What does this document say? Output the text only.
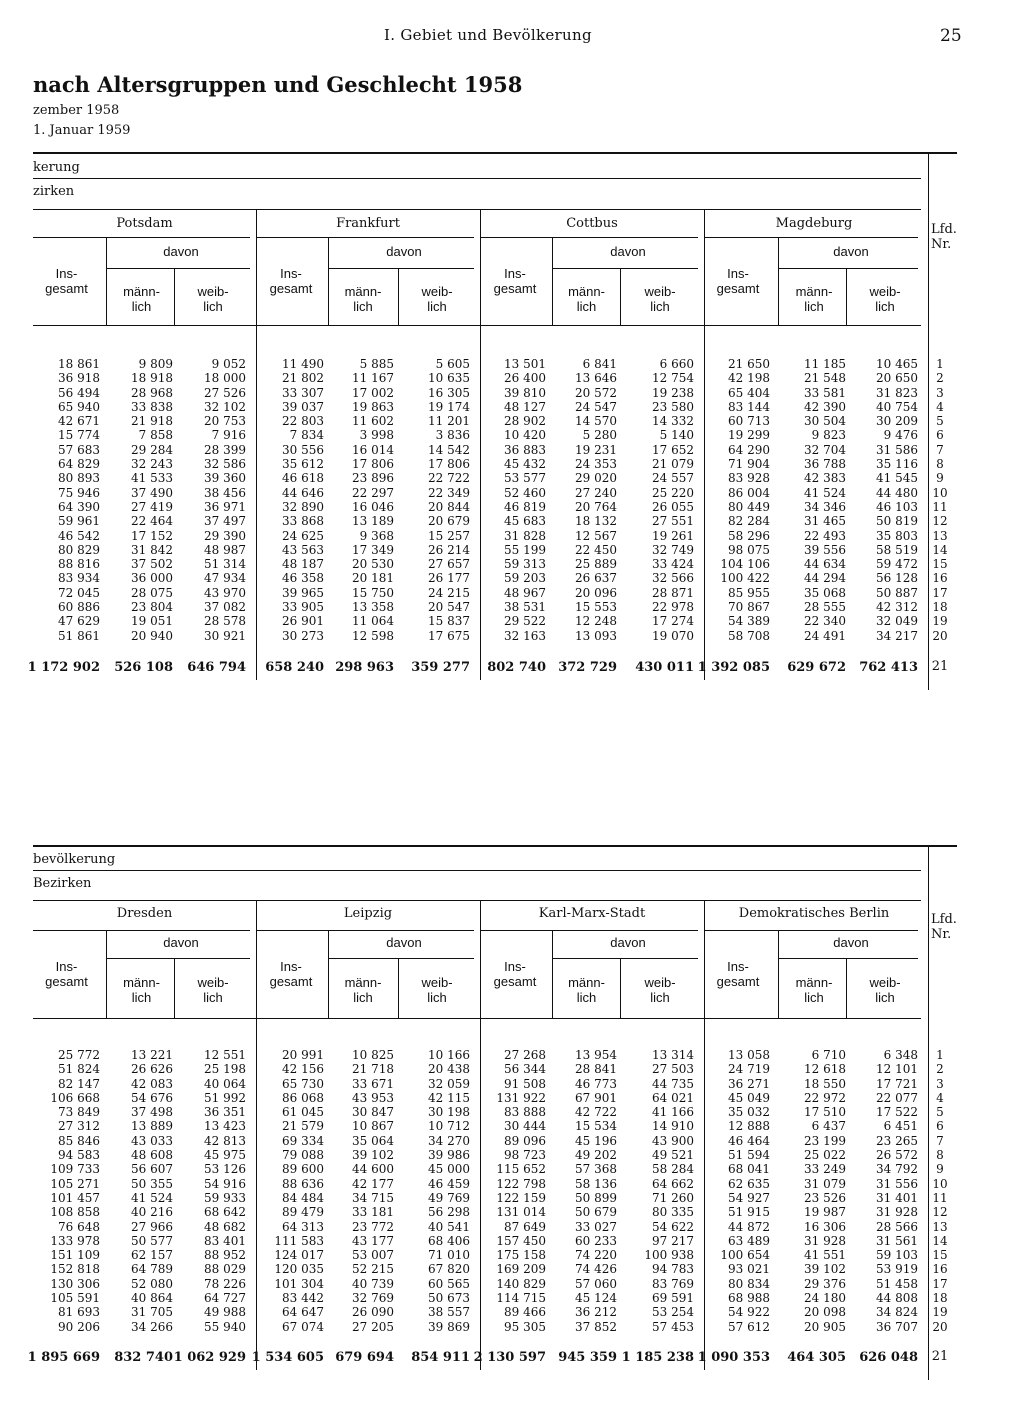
I. Gebiet und Bevölkerung	25
nach Altersgruppen und Geschlecht 1958
zember 1958
1. Januar 1959
kerung
zirken
Lfd.
Nr.
Potsdam
davon
Ins-
gesamt
18 861
36 918
56 494
65 940
42 671
15 774
57 683
64 829
80 893
75 946
64 390
59 961
46 542
80 829
88 816
83 934
72 045
60 886
47 629
51 861
1 172 902
männ-
lich
9 809
18 918
28 968
33 838
21 918
7 858
29 284
32 243
41 533
37 490
27 419
22 464
17 152
31 842
37 502
36 000
28 075
23 804
19 051
20 940
526 108
weib-
lich
9 052
18 000
27 526
32 102
20 753
7 916
28 399
32 586
39 360
38 456
36 971
37 497
29 390
48 987
51 314
47 934
43 970
37 082
28 578
30 921
646 794
Frankfurt
davon
Ins-
gesamt
11 490
21 802
33 307
39 037
22 803
7 834
30 556
35 612
46 618
44 646
32 890
33 868
24 625
43 563
48 187
46 358
39 965
33 905
26 901
30 273
658 240
männ-
lich
5 885
11 167
17 002
19 863
11 602
3 998
16 014
17 806
23 896
22 297
16 046
13 189
9 368
17 349
20 530
20 181
15 750
13 358
11 064
12 598
298 963
weib-
lich
5 605
10 635
16 305
19 174
11 201
3 836
14 542
17 806
22 722
22 349
20 844
20 679
15 257
26 214
27 657
26 177
24 215
20 547
15 837
17 675
359 277
Cottbus
davon
Ins-
gesamt
13 501
26 400
39 810
48 127
28 902
10 420
36 883
45 432
53 577
52 460
46 819
45 683
31 828
55 199
59 313
59 203
48 967
38 531
29 522
32 163
802 740
männ-
lich
6 841
13 646
20 572
24 547
14 570
5 280
19 231
24 353
29 020
27 240
20 764
18 132
12 567
22 450
25 889
26 637
20 096
15 553
12 248
13 093
372 729
weib-
lich
6 660
12 754
19 238
23 580
14 332
5 140
17 652
21 079
24 557
25 220
26 055
27 551
19 261
32 749
33 424
32 566
28 871
22 978
17 274
19 070
430 011
Magdeburg
davon
Ins-
gesamt
21 650
42 198
65 404
83 144
60 713
19 299
64 290
71 904
83 928
86 004
80 449
82 284
58 296
98 075
104 106
100 422
85 955
70 867
54 389
58 708
1 392 085
männ-
lich
11 185
21 548
33 581
42 390
30 504
9 823
32 704
36 788
42 383
41 524
34 346
31 465
22 493
39 556
44 634
44 294
35 068
28 555
22 340
24 491
629 672
weib-
lich
10 465
20 650
31 823
40 754
30 209
9 476
31 586
35 116
41 545
44 480
46 103
50 819
35 803
58 519
59 472
56 128
50 887
42 312
32 049
34 217
762 413
1
2
3
4
5
6
7
8
9
10
11
12
13
14
15
16
17
18
19
20
21
bevölkerung
Bezirken
Lfd.
Nr.
Dresden
davon
Ins-
gesamt
25 772
51 824
82 147
106 668
73 849
27 312
85 846
94 583
109 733
105 271
101 457
108 858
76 648
133 978
151 109
152 818
130 306
105 591
81 693
90 206
1 895 669
männ-
lich
13 221
26 626
42 083
54 676
37 498
13 889
43 033
48 608
56 607
50 355
41 524
40 216
27 966
50 577
62 157
64 789
52 080
40 864
31 705
34 266
832 740
weib-
lich
12 551
25 198
40 064
51 992
36 351
13 423
42 813
45 975
53 126
54 916
59 933
68 642
48 682
83 401
88 952
88 029
78 226
64 727
49 988
55 940
1 062 929
Leipzig
davon
Ins-
gesamt
20 991
42 156
65 730
86 068
61 045
21 579
69 334
79 088
89 600
88 636
84 484
89 479
64 313
111 583
124 017
120 035
101 304
83 442
64 647
67 074
1 534 605
männ-
lich
10 825
21 718
33 671
43 953
30 847
10 867
35 064
39 102
44 600
42 177
34 715
33 181
23 772
43 177
53 007
52 215
40 739
32 769
26 090
27 205
679 694
weib-
lich
10 166
20 438
32 059
42 115
30 198
10 712
34 270
39 986
45 000
46 459
49 769
56 298
40 541
68 406
71 010
67 820
60 565
50 673
38 557
39 869
854 911
Karl-Marx-Stadt
davon
Ins-
gesamt
27 268
56 344
91 508
131 922
83 888
30 444
89 096
98 723
115 652
122 798
122 159
131 014
87 649
157 450
175 158
169 209
140 829
114 715
89 466
95 305
2 130 597
männ-
lich
13 954
28 841
46 773
67 901
42 722
15 534
45 196
49 202
57 368
58 136
50 899
50 679
33 027
60 233
74 220
74 426
57 060
45 124
36 212
37 852
945 359
weib-
lich
13 314
27 503
44 735
64 021
41 166
14 910
43 900
49 521
58 284
64 662
71 260
80 335
54 622
97 217
100 938
94 783
83 769
69 591
53 254
57 453
1 185 238
Demokratisches Berlin
davon
Ins-
gesamt
13 058
24 719
36 271
45 049
35 032
12 888
46 464
51 594
68 041
62 635
54 927
51 915
44 872
63 489
100 654
93 021
80 834
68 988
54 922
57 612
1 090 353
männ-
lich
6 710
12 618
18 550
22 972
17 510
6 437
23 199
25 022
33 249
31 079
23 526
19 987
16 306
31 928
41 551
39 102
29 376
24 180
20 098
20 905
464 305
weib-
lich
6 348
12 101
17 721
22 077
17 522
6 451
23 265
26 572
34 792
31 556
31 401
31 928
28 566
31 561
59 103
53 919
51 458
44 808
34 824
36 707
626 048
1
2
3
4
5
6
7
8
9
10
11
12
13
14
15
16
17
18
19
20
21
